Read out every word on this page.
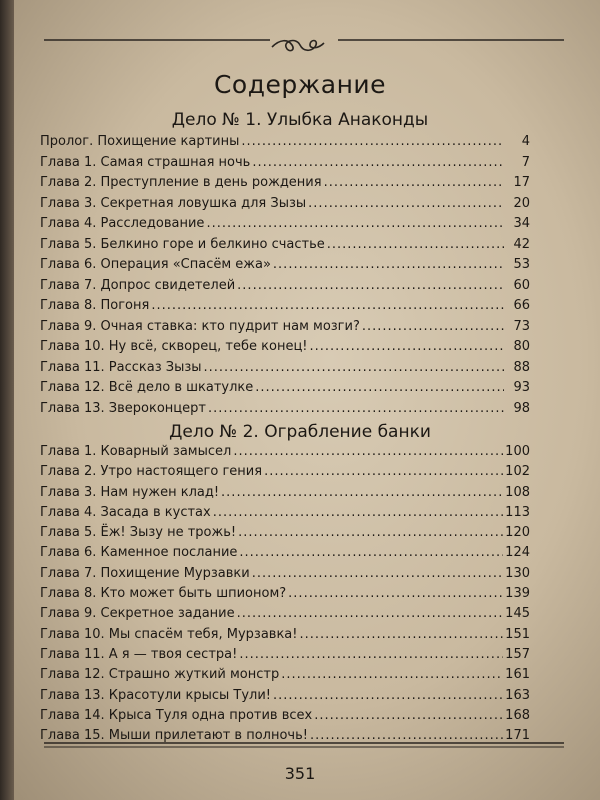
Содержание
Дело № 1. Улыбка Анаконды
Пролог. Похищение картины .....	4
Глава 1. Самая страшная ночь .....	7
Глава 2. Преступление в день рождения .....	17
Глава 3. Секретная ловушка для Зызы .....	20
Глава 4. Расследование .....	34
Глава 5. Белкино горе и белкино счастье .....	42
Глава 6. Операция «Спасём ежа» .....	53
Глава 7. Допрос свидетелей .....	60
Глава 8. Погоня .....	66
Глава 9. Очная ставка: кто пудрит нам мозги? .....	73
Глава 10. Ну всё, скворец, тебе конец! .....	80
Глава 11. Рассказ Зызы .....	88
Глава 12. Всё дело в шкатулке .....	93
Глава 13. Звероконцерт .....	98
Дело № 2. Ограбление банки
Глава 1. Коварный замысел .....	100
Глава 2. Утро настоящего гения .....	102
Глава 3. Нам нужен клад! .....	108
Глава 4. Засада в кустах .....	113
Глава 5. Ёж! Зызу не трожь! .....	120
Глава 6. Каменное послание .....	124
Глава 7. Похищение Мурзавки .....	130
Глава 8. Кто может быть шпионом? .....	139
Глава 9. Секретное задание .....	145
Глава 10. Мы спасём тебя, Мурзавка! .....	151
Глава 11. А я — твоя сестра! .....	157
Глава 12. Страшно жуткий монстр .....	161
Глава 13. Красотули крысы Тули! .....	163
Глава 14. Крыса Туля одна против всех .....	168
Глава 15. Мыши прилетают в полночь! .....	171
351
